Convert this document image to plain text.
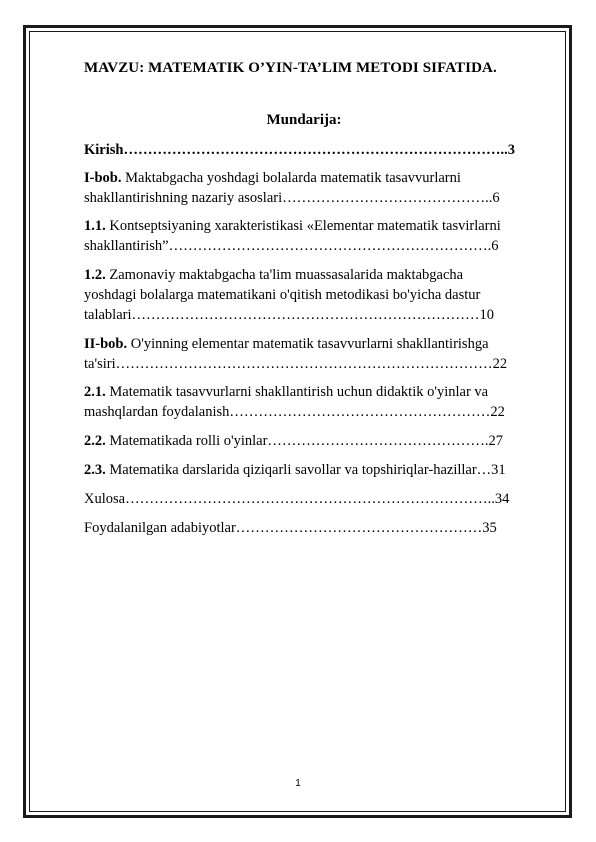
MAVZU: MATEMATIK O’YIN-TA’LIM METODI SIFATIDA.
Mundarija:
Kirish……………………………………………………………………..3
I-bob. Maktabgacha yoshdagi bolalarda matematik tasavvurlarni
shakllantirishning nazariy asoslari……………………………………..6
1.1. Kontseptsiyaning xarakteristikasi «Elementar matematik tasvirlarni
shakllantirish”………………………………………………………….6
1.2. Zamonaviy maktabgacha ta'lim muassasalarida maktabgacha
yoshdagi bolalarga matematikani o'qitish metodikasi bo'yicha dastur
talablari………………………………………………………………10
II-bob. O'yinning elementar matematik tasavvurlarni shakllantirishga
ta'siri……………………………………………………………………22
2.1. Matematik tasavvurlarni shakllantirish uchun didaktik o'yinlar va
mashqlardan foydalanish………………………………………………22
2.2. Matematikada rolli o'yinlar……………………………………….27
2.3. Matematika darslarida qiziqarli savollar va topshiriqlar-hazillar…31
Xulosa…………………………………………………………………..34
Foydalanilgan adabiyotlar……………………………………………35
1
